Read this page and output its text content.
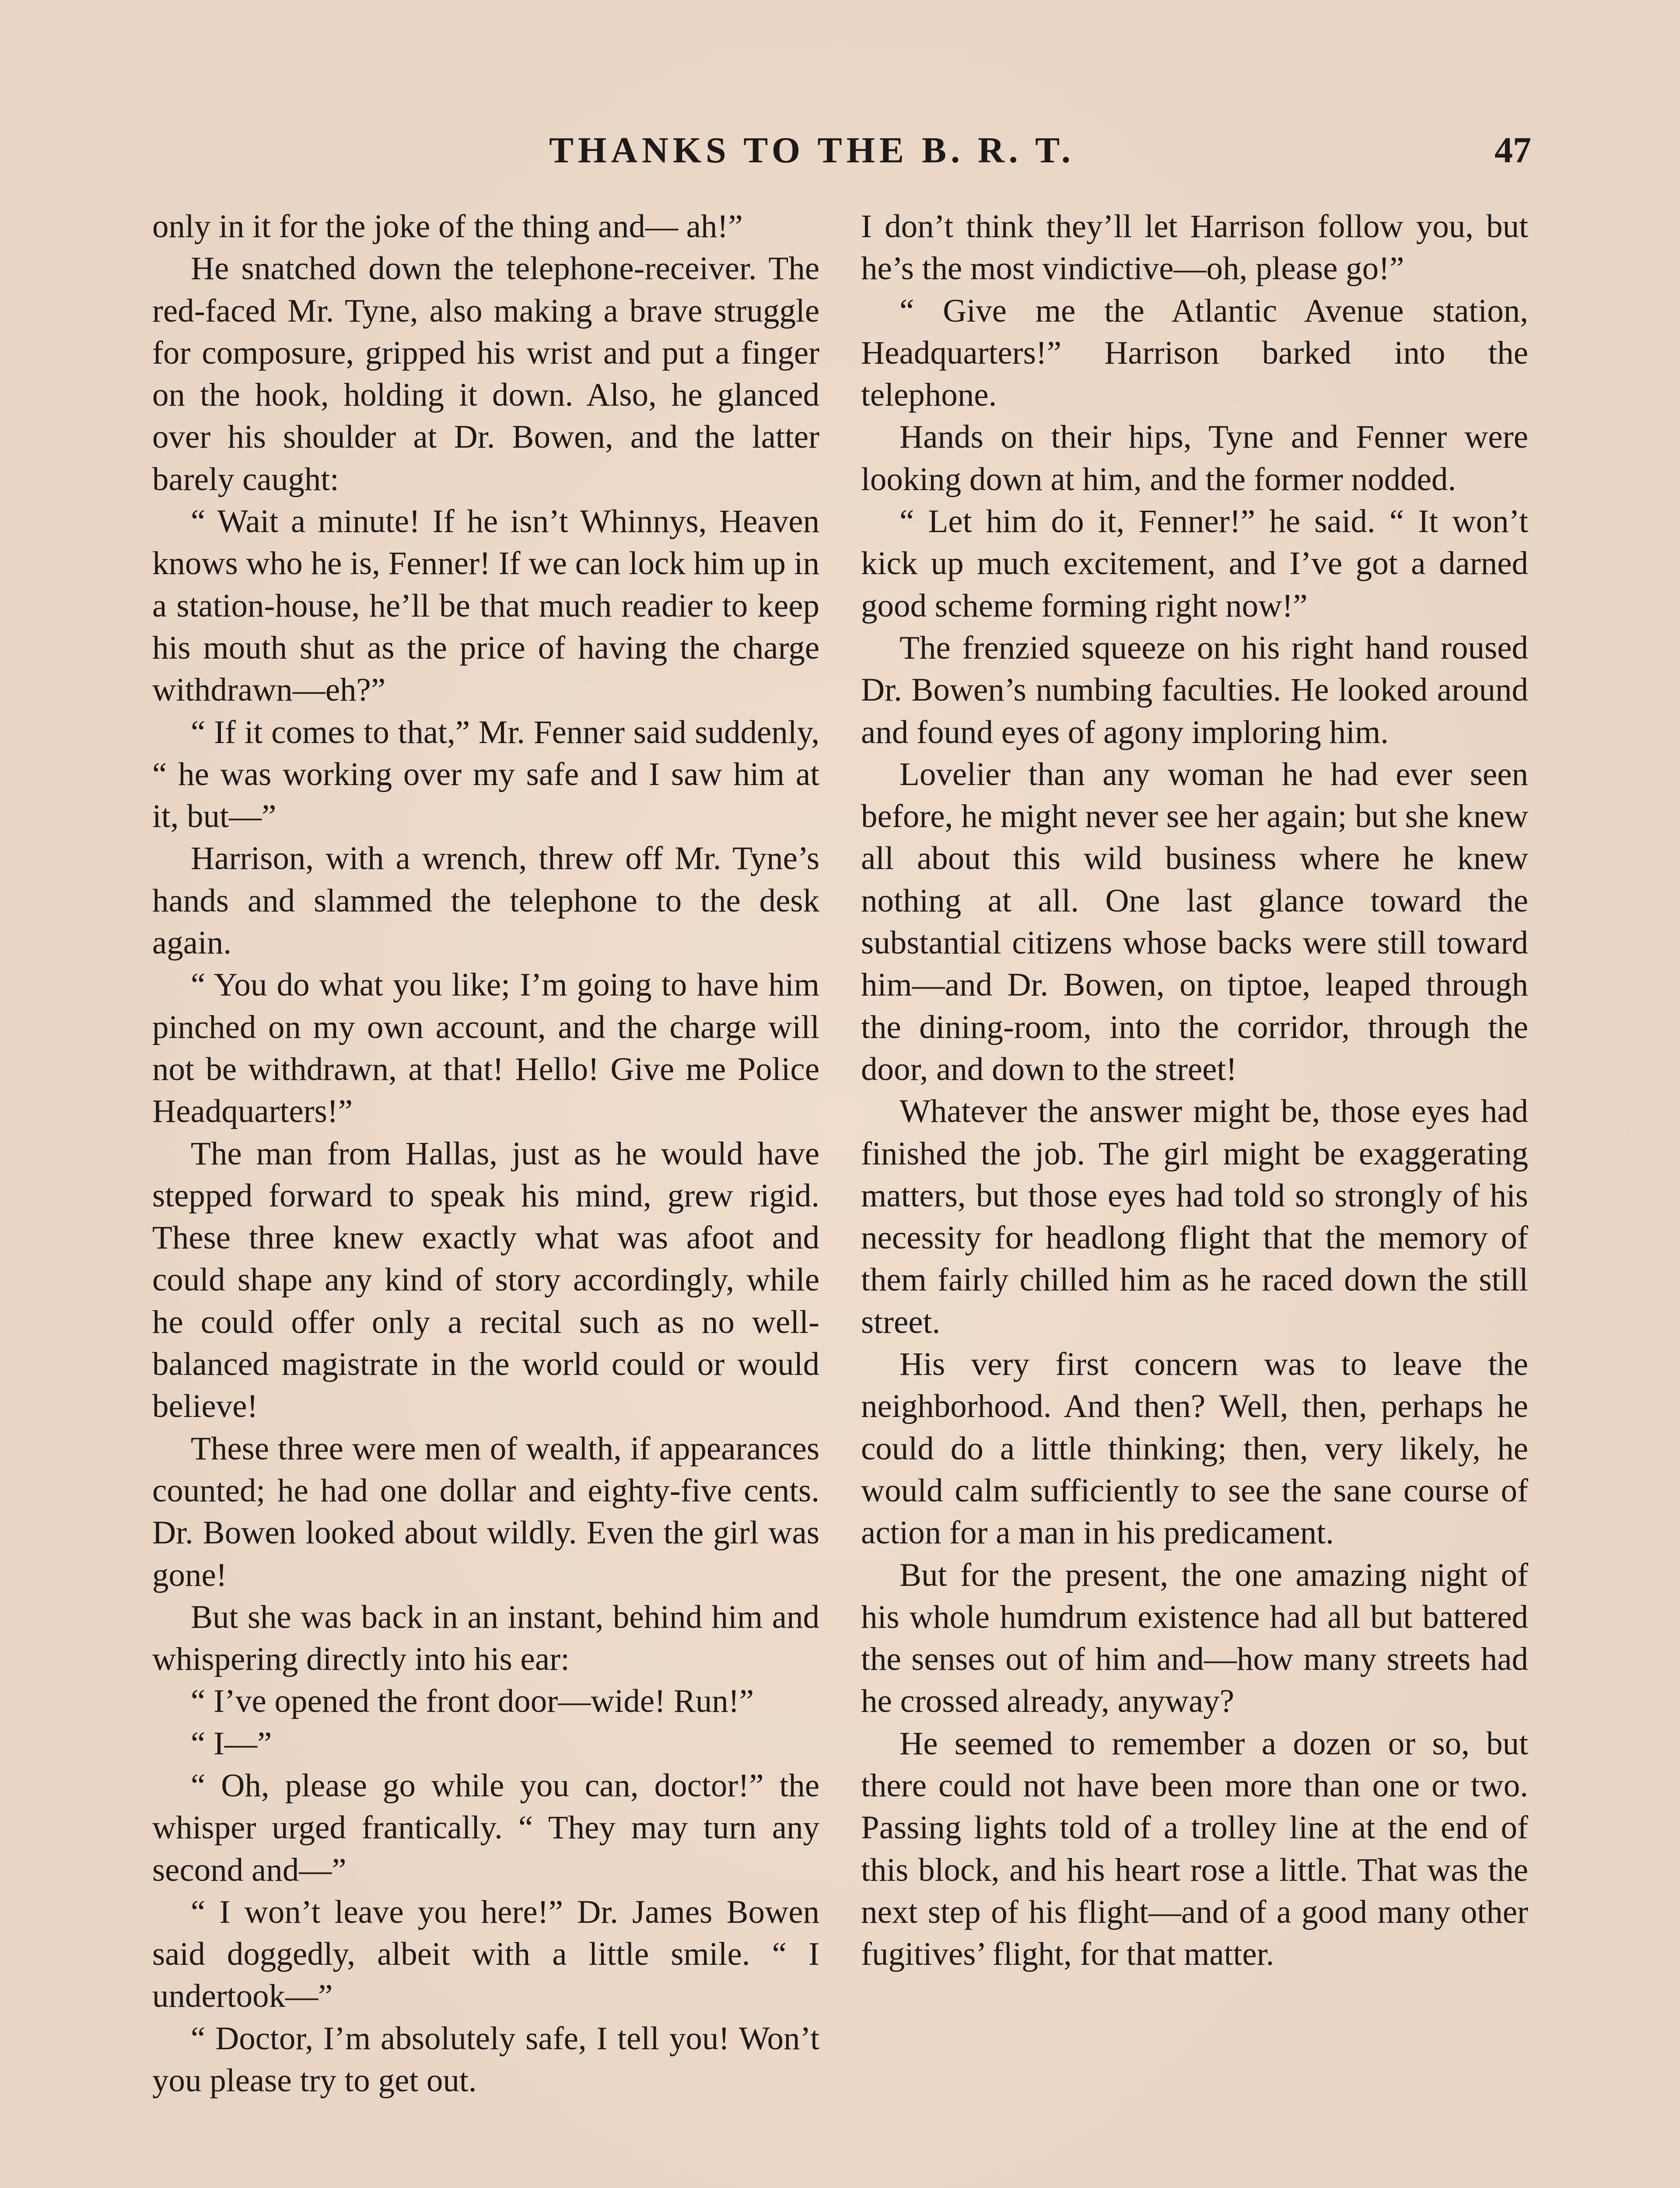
THANKS TO THE B. R. T.	47

only in it for the joke of the thing and— ah!”

He snatched down the telephone-receiver. The red-faced Mr. Tyne, also making a brave struggle for composure, gripped his wrist and put a finger on the hook, holding it down. Also, he glanced over his shoulder at Dr. Bowen, and the latter barely caught:

“ Wait a minute! If he isn’t Whinnys, Heaven knows who he is, Fenner! If we can lock him up in a station-house, he’ll be that much readier to keep his mouth shut as the price of having the charge withdrawn—eh?”

“ If it comes to that,” Mr. Fenner said suddenly, “ he was working over my safe and I saw him at it, but—”

Harrison, with a wrench, threw off Mr. Tyne’s hands and slammed the telephone to the desk again.

“ You do what you like; I’m going to have him pinched on my own account, and the charge will not be withdrawn, at that! Hello! Give me Police Headquarters!”

The man from Hallas, just as he would have stepped forward to speak his mind, grew rigid. These three knew exactly what was afoot and could shape any kind of story accordingly, while he could offer only a recital such as no well-balanced magistrate in the world could or would believe!

These three were men of wealth, if appearances counted; he had one dollar and eighty-five cents. Dr. Bowen looked about wildly. Even the girl was gone!

But she was back in an instant, behind him and whispering directly into his ear:

“ I’ve opened the front door—wide! Run!”

“ I—”

“ Oh, please go while you can, doctor!” the whisper urged frantically. “ They may turn any second and—”

“ I won’t leave you here!” Dr. James Bowen said doggedly, albeit with a little smile. “ I undertook—”

“ Doctor, I’m absolutely safe, I tell you! Won’t you please try to get out.

I don’t think they’ll let Harrison follow you, but he’s the most vindictive—oh, please go!”

“ Give me the Atlantic Avenue station, Headquarters!” Harrison barked into the telephone.

Hands on their hips, Tyne and Fenner were looking down at him, and the former nodded.

“ Let him do it, Fenner!” he said. “ It won’t kick up much excitement, and I’ve got a darned good scheme forming right now!”

The frenzied squeeze on his right hand roused Dr. Bowen’s numbing faculties. He looked around and found eyes of agony imploring him.

Lovelier than any woman he had ever seen before, he might never see her again; but she knew all about this wild business where he knew nothing at all. One last glance toward the substantial citizens whose backs were still toward him—and Dr. Bowen, on tiptoe, leaped through the dining-room, into the corridor, through the door, and down to the street!

Whatever the answer might be, those eyes had finished the job. The girl might be exaggerating matters, but those eyes had told so strongly of his necessity for headlong flight that the memory of them fairly chilled him as he raced down the still street.

His very first concern was to leave the neighborhood. And then? Well, then, perhaps he could do a little thinking; then, very likely, he would calm sufficiently to see the sane course of action for a man in his predicament.

But for the present, the one amazing night of his whole humdrum existence had all but battered the senses out of him and—how many streets had he crossed already, anyway?

He seemed to remember a dozen or so, but there could not have been more than one or two. Passing lights told of a trolley line at the end of this block, and his heart rose a little. That was the next step of his flight—and of a good many other fugitives’ flight, for that matter.
